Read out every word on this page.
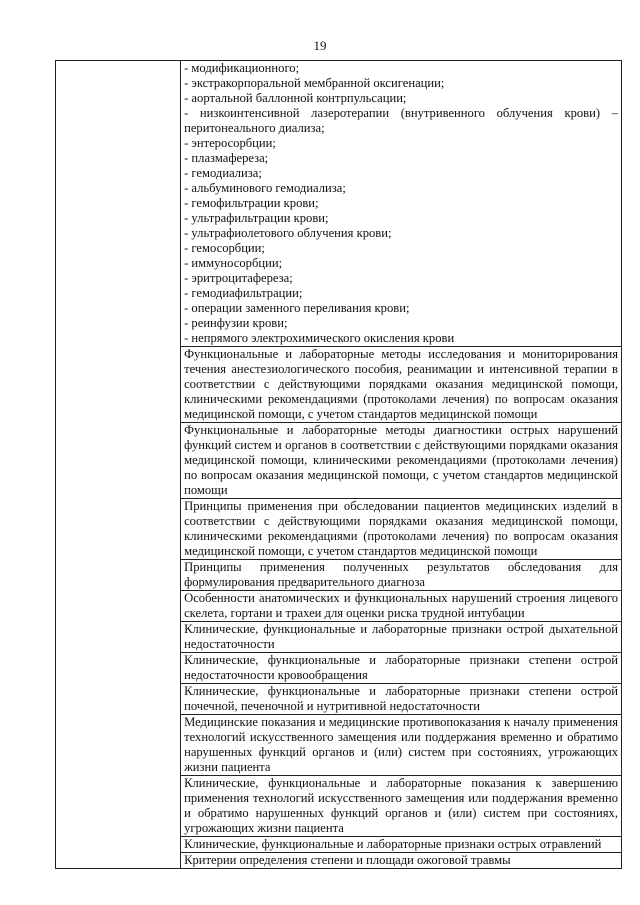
19

- модификационного;
- экстракорпоральной мембранной оксигенации;
- аортальной баллонной контрпульсации;
- низкоинтенсивной лазеротерапии (внутривенного облучения крови) – перитонеального диализа;
- энтеросорбции;
- плазмафереза;
- гемодиализа;
- альбуминового гемодиализа;
- гемофильтрации крови;
- ультрафильтрации крови;
- ультрафиолетового облучения крови;
- гемосорбции;
- иммуносорбции;
- эритроцитафереза;
- гемодиафильтрации;
- операции заменного переливания крови;
- реинфузии крови;
- непрямого электрохимического окисления крови

Функциональные и лабораторные методы исследования и мониторирования течения анестезиологического пособия, реанимации и интенсивной терапии в соответствии с действующими порядками оказания медицинской помощи, клиническими рекомендациями (протоколами лечения) по вопросам оказания медицинской помощи, с учетом стандартов медицинской помощи
Функциональные и лабораторные методы диагностики острых нарушений функций систем и органов в соответствии с действующими порядками оказания медицинской помощи, клиническими рекомендациями (протоколами лечения) по вопросам оказания медицинской помощи, с учетом стандартов медицинской помощи
Принципы применения при обследовании пациентов медицинских изделий в соответствии с действующими порядками оказания медицинской помощи, клиническими рекомендациями (протоколами лечения) по вопросам оказания медицинской помощи, с учетом стандартов медицинской помощи
Принципы применения полученных результатов обследования для формулирования предварительного диагноза
Особенности анатомических и функциональных нарушений строения лицевого скелета, гортани и трахеи для оценки риска трудной интубации
Клинические, функциональные и лабораторные признаки острой дыхательной недостаточности
Клинические, функциональные и лабораторные признаки степени острой недостаточности кровообращения
Клинические, функциональные и лабораторные признаки степени острой почечной, печеночной и нутритивной недостаточности
Медицинские показания и медицинские противопоказания к началу применения технологий искусственного замещения или поддержания временно и обратимо нарушенных функций органов и (или) систем при состояниях, угрожающих жизни пациента
Клинические, функциональные и лабораторные показания к завершению применения технологий искусственного замещения или поддержания временно и обратимо нарушенных функций органов и (или) систем при состояниях, угрожающих жизни пациента
Клинические, функциональные и лабораторные признаки острых отравлений
Критерии определения степени и площади ожоговой травмы
